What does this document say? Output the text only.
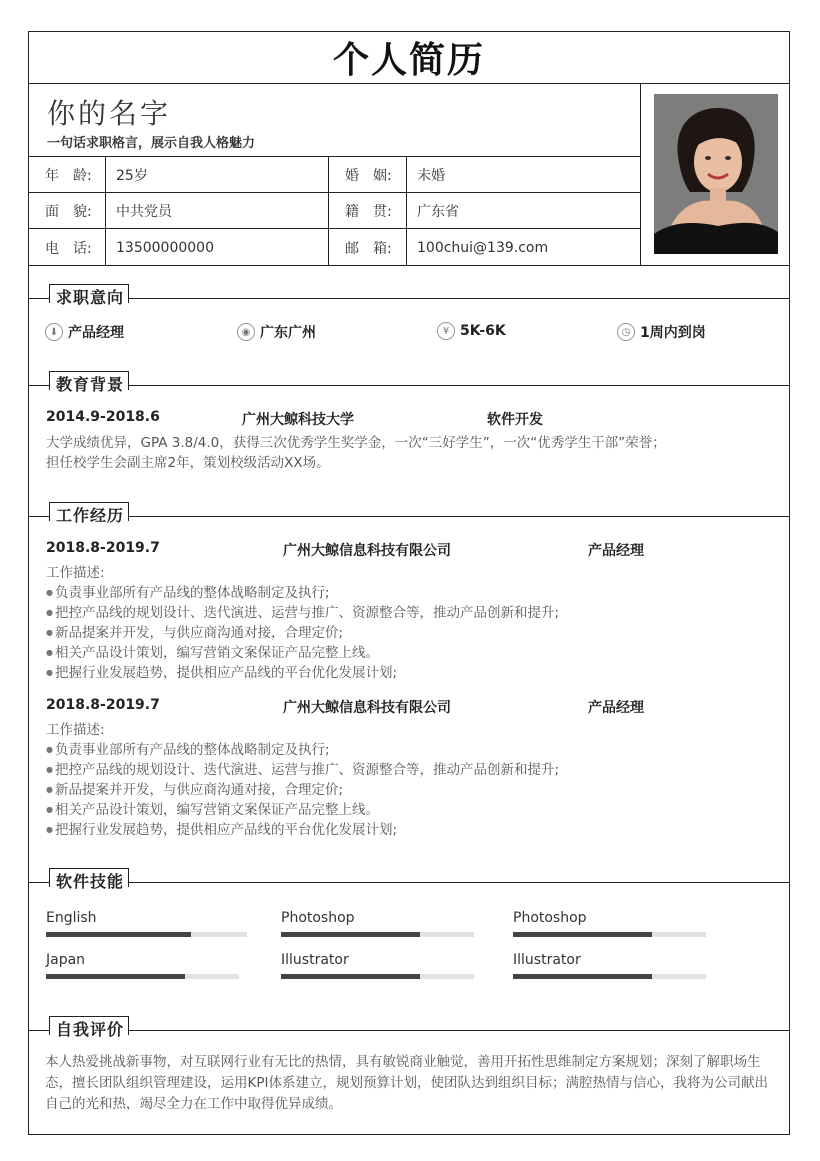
个人简历
你的名字
一句话求职格言，展示自我人格魅力
年　龄:	25岁	婚　姻:	未婚
面　貌:	中共党员	籍　贯:	广东省
电　话:	13500000000	邮　箱:	100chui@139.com
求职意向
⬇ 产品经理	◉ 广东广州	¥ 5K-6K	◷ 1周内到岗
教育背景
2014.9-2018.6	广州大鲸科技大学	软件开发
大学成绩优异，GPA 3.8/4.0，获得三次优秀学生奖学金，一次“三好学生”，一次“优秀学生干部”荣誉；
担任校学生会副主席2年，策划校级活动XX场。
工作经历
2018.8-2019.7	广州大鲸信息科技有限公司	产品经理
工作描述:
● 负责事业部所有产品线的整体战略制定及执行;
● 把控产品线的规划设计、迭代演进、运营与推广、资源整合等，推动产品创新和提升;
● 新品提案并开发，与供应商沟通对接，合理定价;
● 相关产品设计策划，编写营销文案保证产品完整上线。
● 把握行业发展趋势，提供相应产品线的平台优化发展计划;
2018.8-2019.7	广州大鲸信息科技有限公司	产品经理
工作描述:
● 负责事业部所有产品线的整体战略制定及执行;
● 把控产品线的规划设计、迭代演进、运营与推广、资源整合等，推动产品创新和提升;
● 新品提案并开发，与供应商沟通对接，合理定价;
● 相关产品设计策划，编写营销文案保证产品完整上线。
● 把握行业发展趋势，提供相应产品线的平台优化发展计划;
软件技能
English	Photoshop	Photoshop
Japan	Illustrator	Illustrator
自我评价
本人热爱挑战新事物，对互联网行业有无比的热情，具有敏锐商业触觉，善用开拓性思维制定方案规划；深刻了解职场生态，擅长团队组织管理建设，运用KPI体系建立，规划预算计划，使团队达到组织目标；满腔热情与信心，我将为公司献出自己的光和热，竭尽全力在工作中取得优异成绩。
